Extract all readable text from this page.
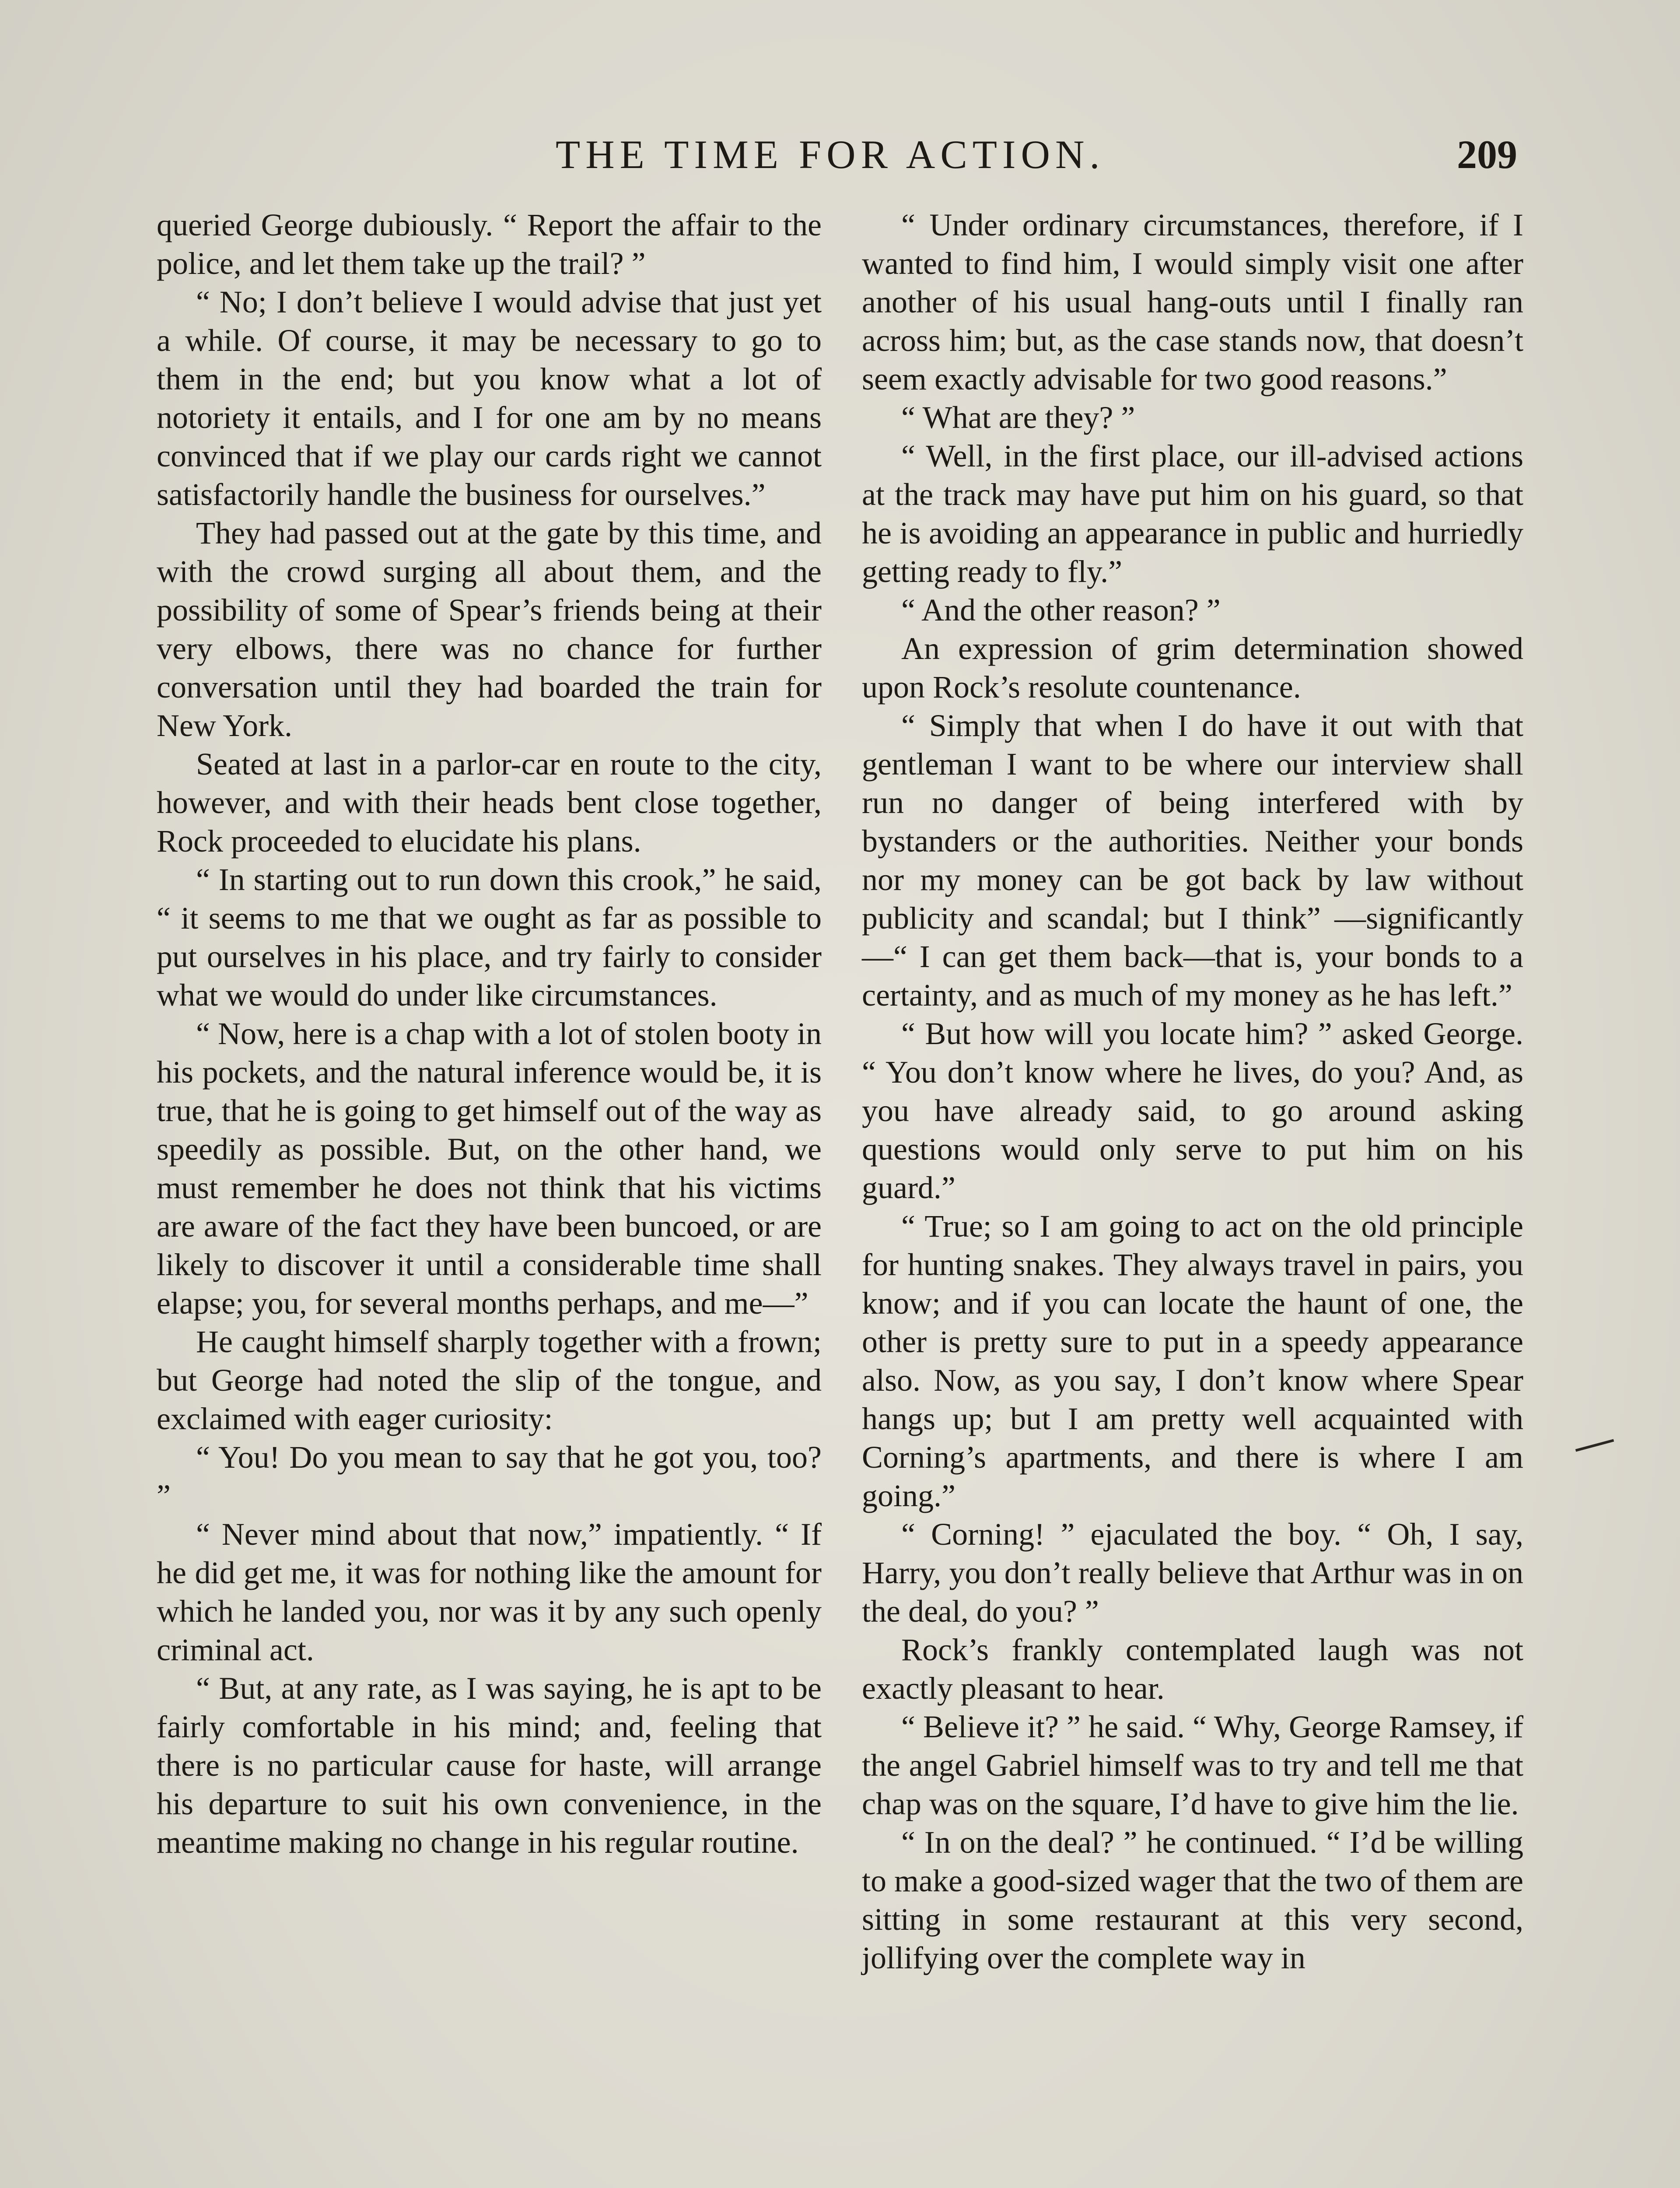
THE TIME FOR ACTION.	209

queried George dubiously. “ Report the affair to the police, and let them take up the trail? ”

“ No; I don’t believe I would advise that just yet a while. Of course, it may be necessary to go to them in the end; but you know what a lot of notoriety it entails, and I for one am by no means convinced that if we play our cards right we cannot satisfactorily handle the business for ourselves.”

They had passed out at the gate by this time, and with the crowd surging all about them, and the possibility of some of Spear’s friends being at their very elbows, there was no chance for further conversation until they had boarded the train for New York.

Seated at last in a parlor-car en route to the city, however, and with their heads bent close together, Rock proceeded to elucidate his plans.

“ In starting out to run down this crook,” he said, “ it seems to me that we ought as far as possible to put ourselves in his place, and try fairly to consider what we would do under like circumstances.

“ Now, here is a chap with a lot of stolen booty in his pockets, and the natural inference would be, it is true, that he is going to get himself out of the way as speedily as possible. But, on the other hand, we must remember he does not think that his victims are aware of the fact they have been buncoed, or are likely to discover it until a considerable time shall elapse; you, for several months perhaps, and me—”

He caught himself sharply together with a frown; but George had noted the slip of the tongue, and exclaimed with eager curiosity:

“ You! Do you mean to say that he got you, too? ”

“ Never mind about that now,” impatiently. “ If he did get me, it was for nothing like the amount for which he landed you, nor was it by any such openly criminal act.

“ But, at any rate, as I was saying, he is apt to be fairly comfortable in his mind; and, feeling that there is no particular cause for haste, will arrange his departure to suit his own convenience, in the meantime making no change in his regular routine.

“ Under ordinary circumstances, therefore, if I wanted to find him, I would simply visit one after another of his usual hang-outs until I finally ran across him; but, as the case stands now, that doesn’t seem exactly advisable for two good reasons.”

“ What are they? ”

“ Well, in the first place, our ill-advised actions at the track may have put him on his guard, so that he is avoiding an appearance in public and hurriedly getting ready to fly.”

“ And the other reason? ”

An expression of grim determination showed upon Rock’s resolute countenance.

“ Simply that when I do have it out with that gentleman I want to be where our interview shall run no danger of being interfered with by bystanders or the authorities. Neither your bonds nor my money can be got back by law without publicity and scandal; but I think” —significantly—“ I can get them back—that is, your bonds to a certainty, and as much of my money as he has left.”

“ But how will you locate him? ” asked George. “ You don’t know where he lives, do you? And, as you have already said, to go around asking questions would only serve to put him on his guard.”

“ True; so I am going to act on the old principle for hunting snakes. They always travel in pairs, you know; and if you can locate the haunt of one, the other is pretty sure to put in a speedy appearance also. Now, as you say, I don’t know where Spear hangs up; but I am pretty well acquainted with Corning’s apartments, and there is where I am going.”

“ Corning! ” ejaculated the boy. “ Oh, I say, Harry, you don’t really believe that Arthur was in on the deal, do you? ”

Rock’s frankly contemplated laugh was not exactly pleasant to hear.

“ Believe it? ” he said. “ Why, George Ramsey, if the angel Gabriel himself was to try and tell me that chap was on the square, I’d have to give him the lie.

“ In on the deal? ” he continued. “ I’d be willing to make a good-sized wager that the two of them are sitting in some restaurant at this very second, jollifying over the complete way in
